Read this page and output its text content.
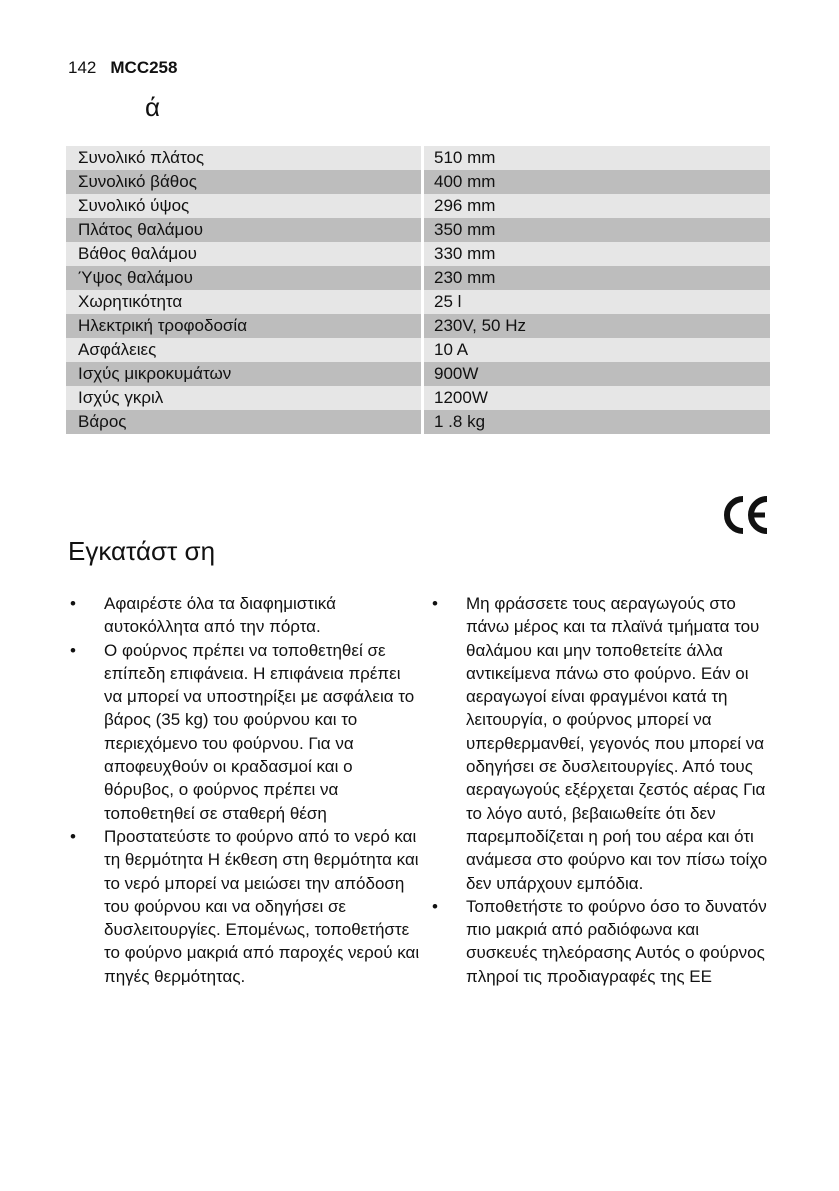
142 MCC258
ά
Συνολικό πλάτος	510 mm
Συνολικό βάθος	400 mm
Συνολικό ύψος	296 mm
Πλάτος θαλάμου	350 mm
Βάθος θαλάμου	330 mm
Ύψος θαλάμου	230 mm
Χωρητικότητα	25 l
Ηλεκτρική τροφοδοσία	230V, 50 Hz
Ασφάλειες	10 A
Ισχύς μικροκυμάτων	900W
Ισχύς γκριλ	1200W
Βάρος	1 .8 kg
Εγκατάστ ση
• Αφαιρέστε όλα τα διαφημιστικά αυτοκόλλητα από την πόρτα.
• Ο φούρνος πρέπει να τοποθετηθεί σε επίπεδη επιφάνεια. Η επιφάνεια πρέπει να μπορεί να υποστηρίξει με ασφάλεια το βάρος (35 kg) του φούρνου και το περιεχόμενο του φούρνου. Για να αποφευχθούν οι κραδασμοί και ο θόρυβος, ο φούρνος πρέπει να τοποθετηθεί σε σταθερή θέση
• Προστατεύστε το φούρνο από το νερό και τη θερμότητα Η έκθεση στη θερμότητα και το νερό μπορεί να μειώσει την απόδοση του φούρνου και να οδηγήσει σε δυσλειτουργίες. Επομένως, τοποθετήστε το φούρνο μακριά από παροχές νερού και πηγές θερμότητας.
• Μη φράσσετε τους αεραγωγούς στο πάνω μέρος και τα πλαϊνά τμήματα του θαλάμου και μην τοποθετείτε άλλα αντικείμενα πάνω στο φούρνο. Εάν οι αεραγωγοί είναι φραγμένοι κατά τη λειτουργία, ο φούρνος μπορεί να υπερθερμανθεί, γεγονός που μπορεί να οδηγήσει σε δυσλειτουργίες. Από τους αεραγωγούς εξέρχεται ζεστός αέρας Για το λόγο αυτό, βεβαιωθείτε ότι δεν παρεμποδίζεται η ροή του αέρα και ότι ανάμεσα στο φούρνο και τον πίσω τοίχο δεν υπάρχουν εμπόδια.
• Τοποθετήστε το φούρνο όσο το δυνατόν πιο μακριά από ραδιόφωνα και συσκευές τηλεόρασης Αυτός ο φούρνος πληροί τις προδιαγραφές της ΕΕ
